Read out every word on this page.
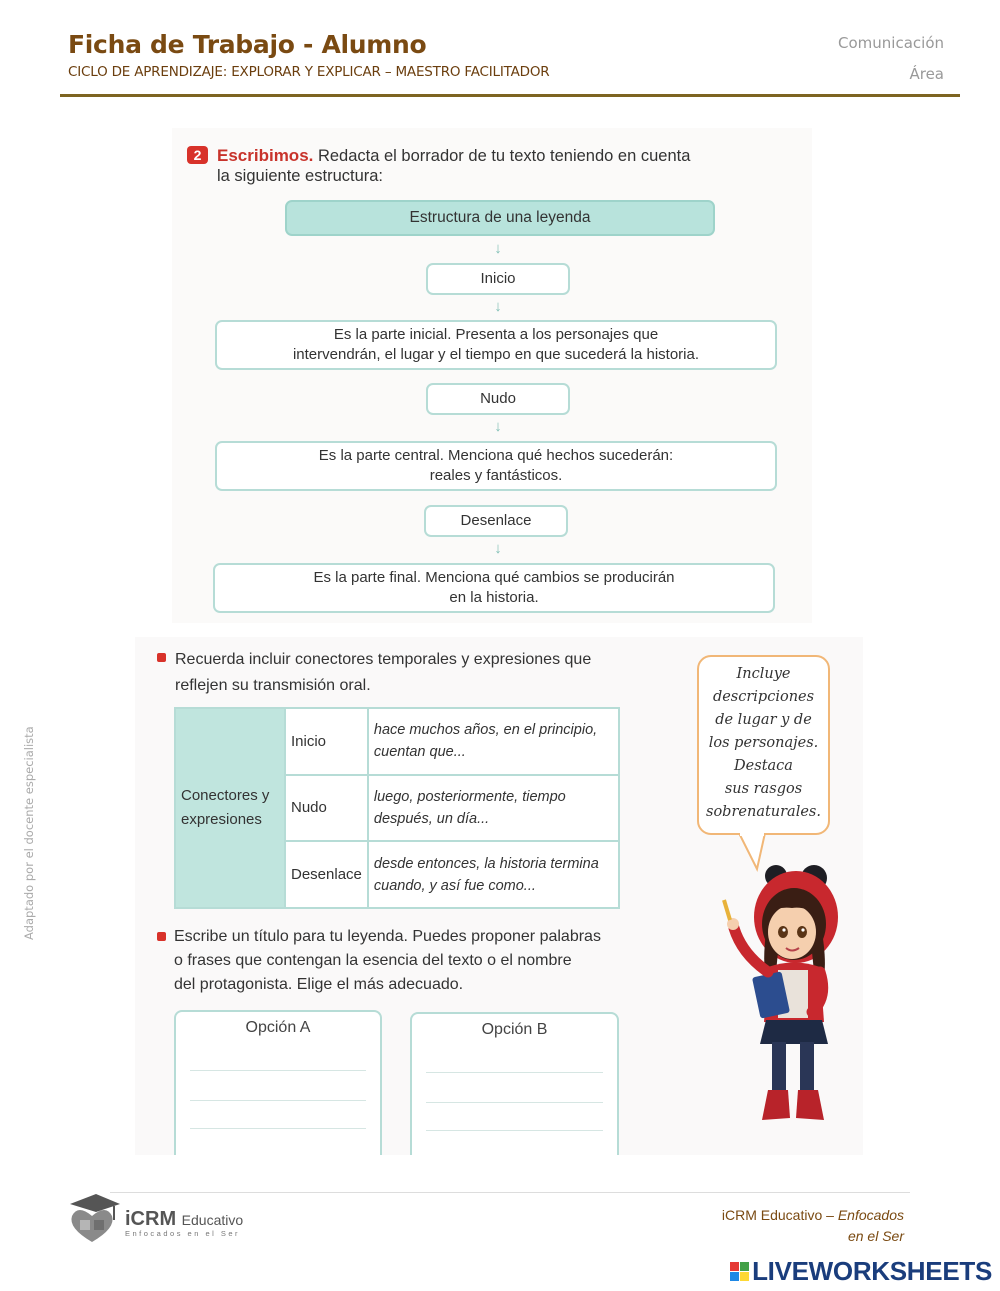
Ficha de Trabajo - Alumno
CICLO DE APRENDIZAJE: EXPLORAR Y EXPLICAR – MAESTRO FACILITADOR
Comunicación
Área
Adaptado por el docente especialista
2 Escribimos. Redacta el borrador de tu texto teniendo en cuenta
la siguiente estructura:
Estructura de una leyenda
↓
Inicio
↓
Es la parte inicial. Presenta a los personajes que
intervendrán, el lugar y el tiempo en que sucederá la historia.
Nudo
↓
Es la parte central. Menciona qué hechos sucederán:
reales y fantásticos.
Desenlace
↓
Es la parte final. Menciona qué cambios se producirán
en la historia.
Recuerda incluir conectores temporales y expresiones que
reflejen su transmisión oral.
Conectores y
expresiones	Inicio	hace muchos años, en el principio,
cuentan que...
	Nudo	luego, posteriormente, tiempo
después, un día...
	Desenlace	desde entonces, la historia termina
cuando, y así fue como...
Incluye
descripciones
de lugar y de
los personajes.
Destaca
sus rasgos
sobrenaturales.
Escribe un título para tu leyenda. Puedes proponer palabras
o frases que contengan la esencia del texto o el nombre
del protagonista. Elige el más adecuado.
Opción A	Opción B
iCRM Educativo
Enfocados en el Ser
iCRM Educativo – Enfocados
en el Ser
LIVEWORKSHEETS
